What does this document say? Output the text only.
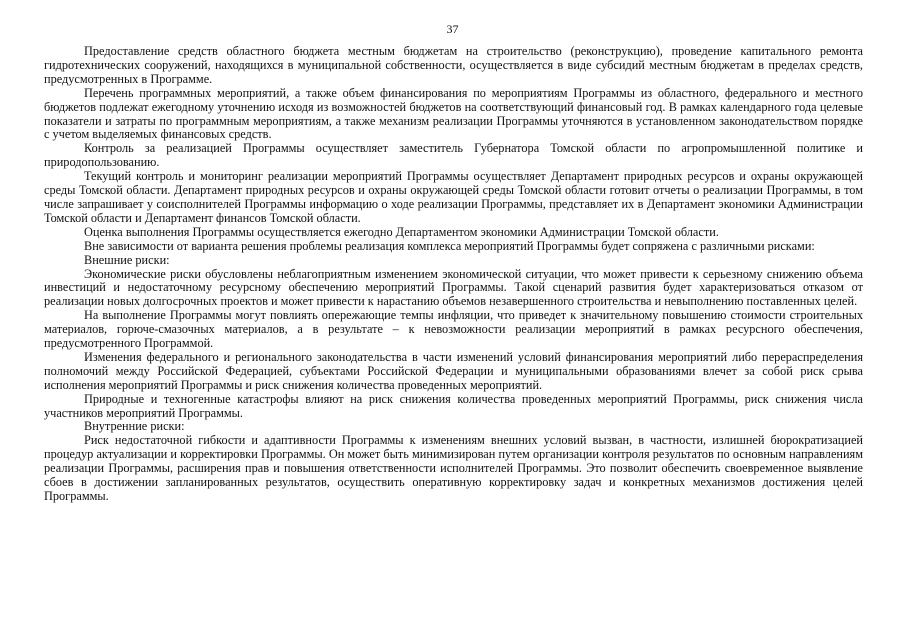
37

Предоставление средств областного бюджета местным бюджетам на строительство (реконструкцию), проведение капитального ремонта гидротехнических сооружений, находящихся в муниципальной собственности, осуществляется в виде субсидий местным бюджетам в пределах средств, предусмотренных в Программе.

Перечень программных мероприятий, а также объем финансирования по мероприятиям Программы из областного, федерального и местного бюджетов подлежат ежегодному уточнению исходя из возможностей бюджетов на соответствующий финансовый год. В рамках календарного года целевые показатели и затраты по программным мероприятиям, а также механизм реализации Программы уточняются в установленном законодательством порядке с учетом выделяемых финансовых средств.

Контроль за реализацией Программы осуществляет заместитель Губернатора Томской области по агропромышленной политике и природопользованию.

Текущий контроль и мониторинг реализации мероприятий Программы осуществляет Департамент природных ресурсов и охраны окружающей среды Томской области. Департамент природных ресурсов и охраны окружающей среды Томской области готовит отчеты о реализации Программы, в том числе запрашивает у соисполнителей Программы информацию о ходе реализации Программы, представляет их в Департамент экономики Администрации Томской области и Департамент финансов Томской области.

Оценка выполнения Программы осуществляется ежегодно Департаментом экономики Администрации Томской области.

Вне зависимости от варианта решения проблемы реализация комплекса мероприятий Программы будет сопряжена с различными рисками:

Внешние риски:

Экономические риски обусловлены неблагоприятным изменением экономической ситуации, что может привести к серьезному снижению объема инвестиций и недостаточному ресурсному обеспечению мероприятий Программы. Такой сценарий развития будет характеризоваться отказом от реализации новых долгосрочных проектов и может привести к нарастанию объемов незавершенного строительства и невыполнению поставленных целей.

На выполнение Программы могут повлиять опережающие темпы инфляции, что приведет к значительному повышению стоимости строительных материалов, горюче-смазочных материалов, а в результате – к невозможности реализации мероприятий в рамках ресурсного обеспечения, предусмотренного Программой.

Изменения федерального и регионального законодательства в части изменений условий финансирования мероприятий либо перераспределения полномочий между Российской Федерацией, субъектами Российской Федерации и муниципальными образованиями влечет за собой риск срыва исполнения мероприятий Программы и риск снижения количества проведенных мероприятий.

Природные и техногенные катастрофы влияют на риск снижения количества проведенных мероприятий Программы, риск снижения числа участников мероприятий Программы.

Внутренние риски:

Риск недостаточной гибкости и адаптивности Программы к изменениям внешних условий вызван, в частности, излишней бюрократизацией процедур актуализации и корректировки Программы. Он может быть минимизирован путем организации контроля результатов по основным направлениям реализации Программы, расширения прав и повышения ответственности исполнителей Программы. Это позволит обеспечить своевременное выявление сбоев в достижении запланированных результатов, осуществить оперативную корректировку задач и конкретных механизмов достижения целей Программы.
